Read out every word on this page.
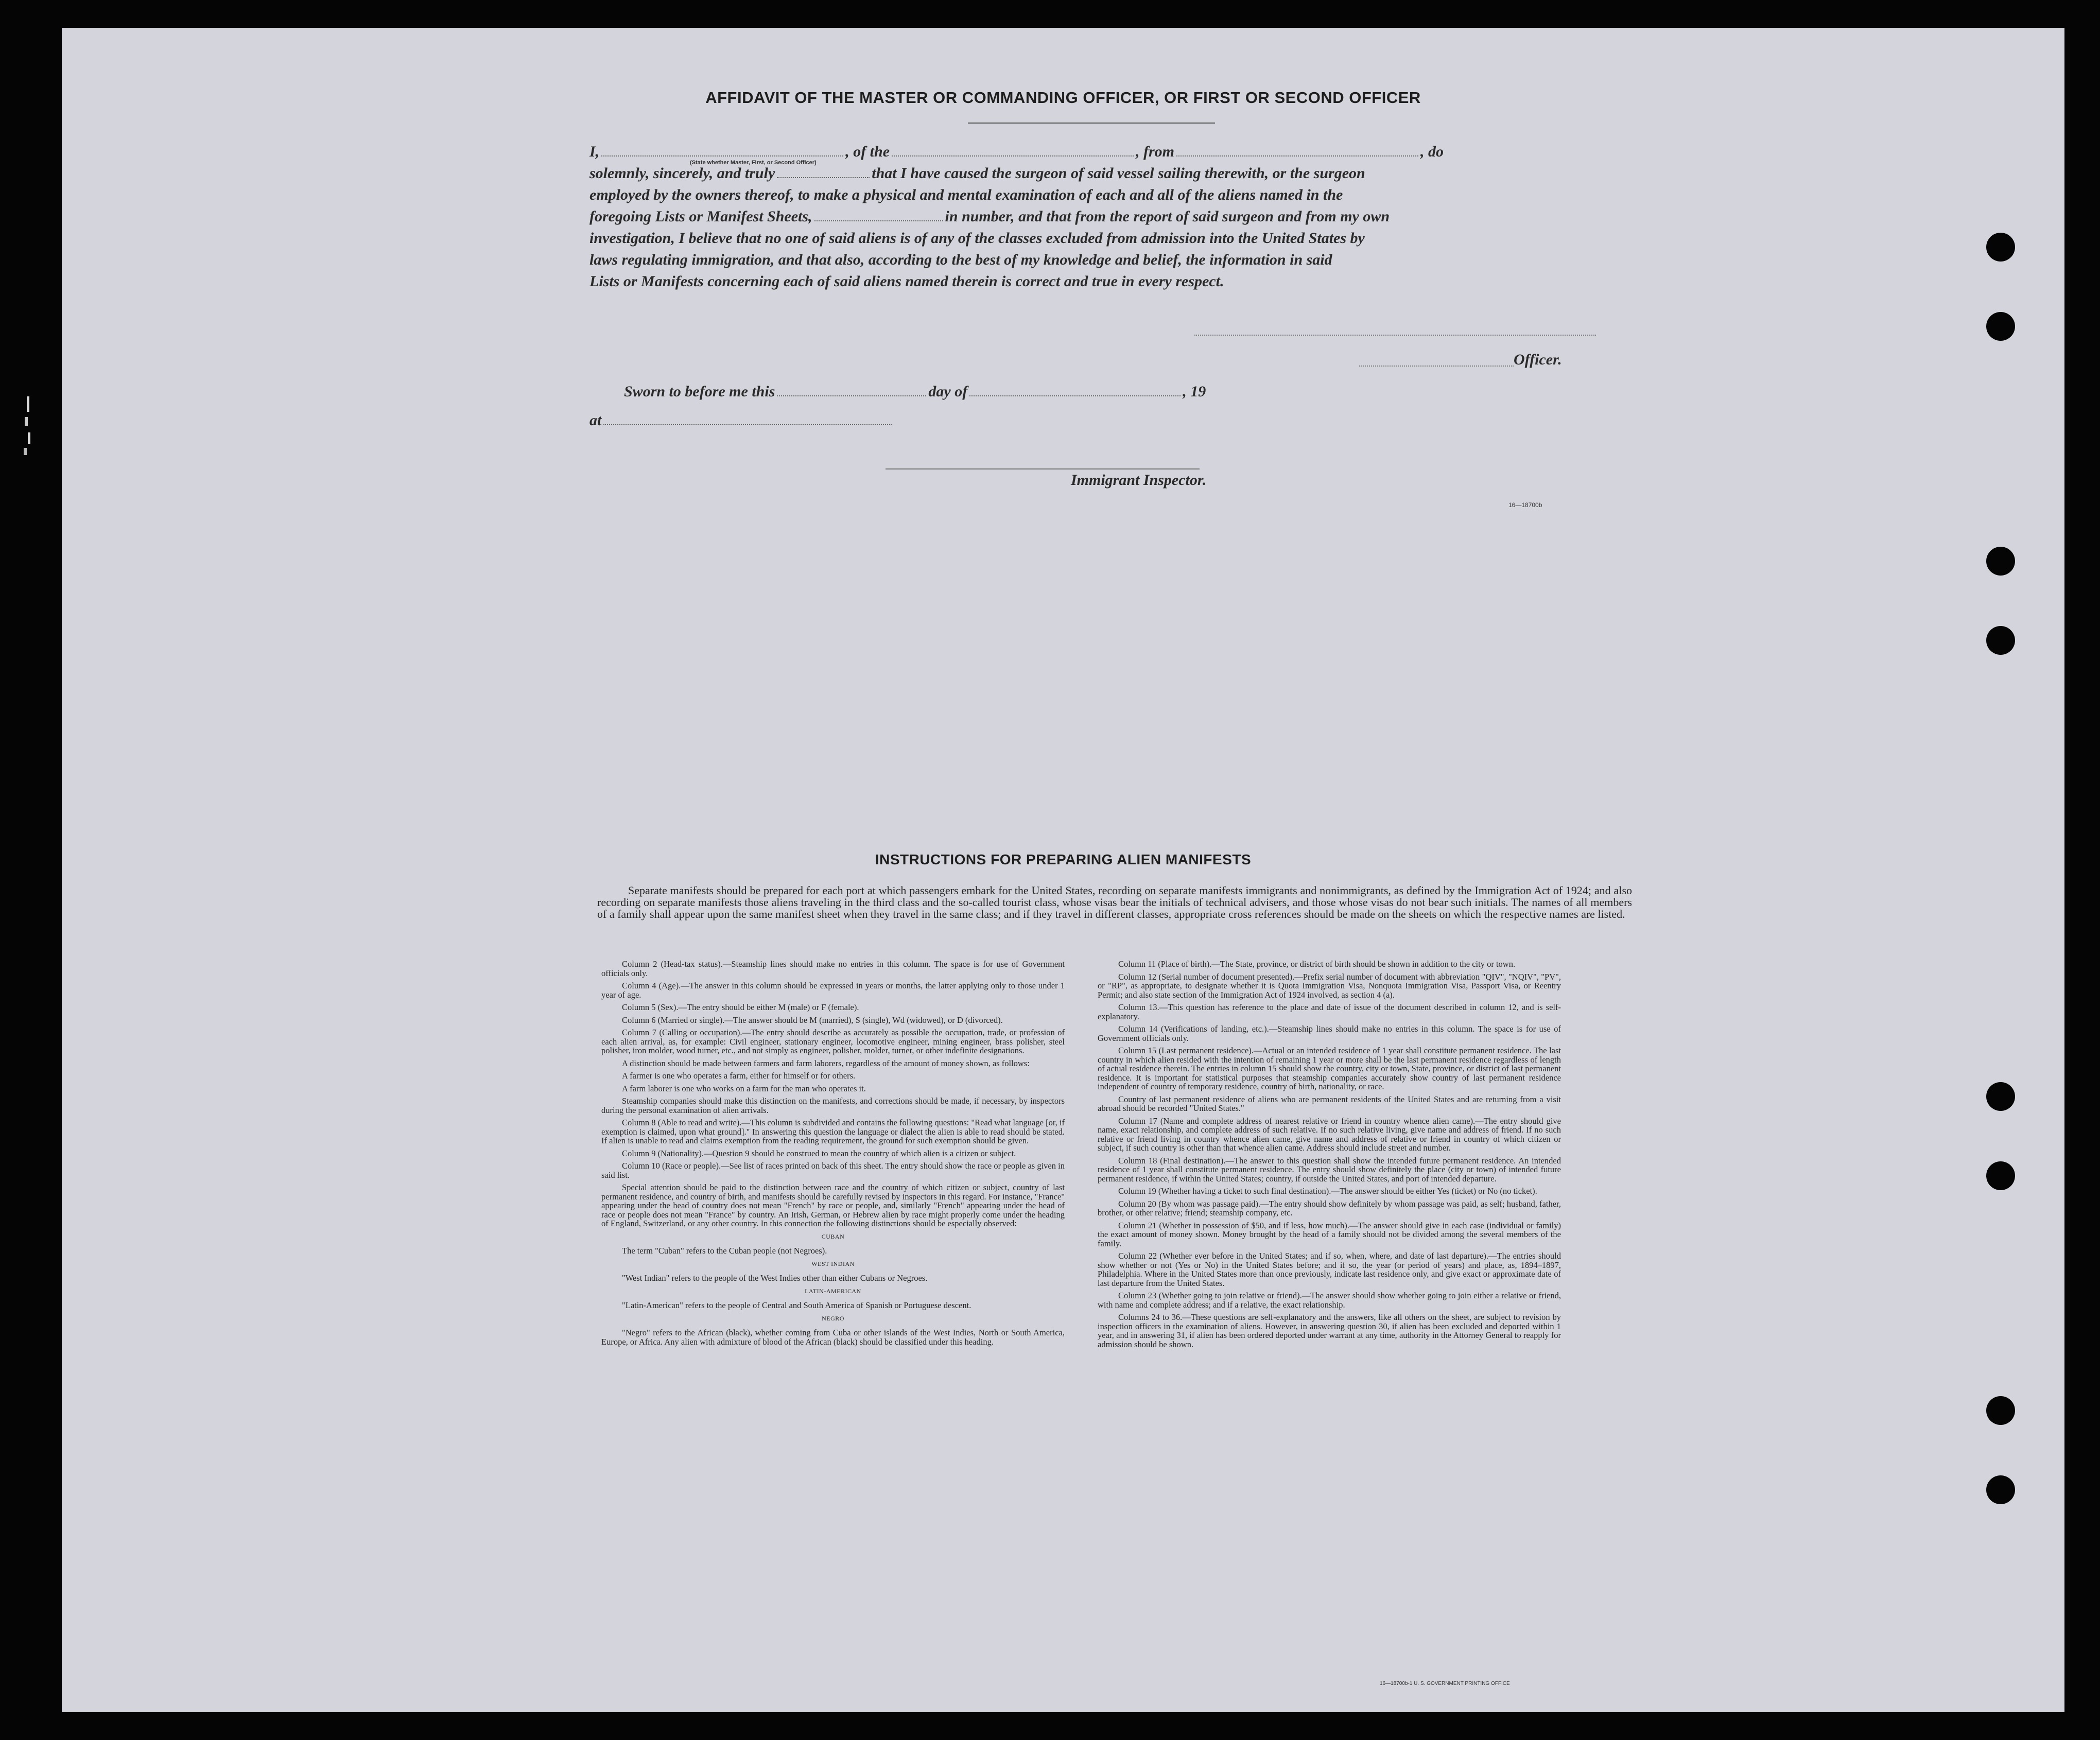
AFFIDAVIT OF THE MASTER OR COMMANDING OFFICER, OR FIRST OR SECOND OFFICER
I,	, of the	, from	, do
solemnly, sincerely, and truly	that I have caused the surgeon of said vessel sailing therewith, or the surgeon
employed by the owners thereof, to make a physical and mental examination of each and all of the aliens named in the
foregoing Lists or Manifest Sheets,	in number, and that from the report of said surgeon and from my own
investigation, I believe that no one of said aliens is of any of the classes excluded from admission into the United States by
laws regulating immigration, and that also, according to the best of my knowledge and belief, the information in said
Lists or Manifests concerning each of said aliens named therein is correct and true in every respect.
(State whether Master, First, or Second Officer)
Officer.
Sworn to before me this	day of	, 19
at
Immigrant Inspector.
16—18700b
INSTRUCTIONS FOR PREPARING ALIEN MANIFESTS
Separate manifests should be prepared for each port at which passengers embark for the United States, recording on separate manifests immigrants and nonimmigrants, as defined by the Immigration Act of 1924; and also recording on separate manifests those aliens traveling in the third class and the so-called tourist class, whose visas bear the initials of technical advisers, and those whose visas do not bear such initials. The names of all members of a family shall appear upon the same manifest sheet when they travel in the same class; and if they travel in different classes, appropriate cross references should be made on the sheets on which the respective names are listed.

Column 2 (Head-tax status).—Steamship lines should make no entries in this column. The space is for use of Government officials only.

Column 4 (Age).—The answer in this column should be expressed in years or months, the latter applying only to those under 1 year of age.

Column 5 (Sex).—The entry should be either M (male) or F (female).

Column 6 (Married or single).—The answer should be M (married), S (single), Wd (widowed), or D (divorced).

Column 7 (Calling or occupation).—The entry should describe as accurately as possible the occupation, trade, or profession of each alien arrival, as, for example: Civil engineer, stationary engineer, locomotive engineer, mining engineer, brass polisher, steel polisher, iron molder, wood turner, etc., and not simply as engineer, polisher, molder, turner, or other indefinite designations.

A distinction should be made between farmers and farm laborers, regardless of the amount of money shown, as follows:

A farmer is one who operates a farm, either for himself or for others.

A farm laborer is one who works on a farm for the man who operates it.

Steamship companies should make this distinction on the manifests, and corrections should be made, if necessary, by inspectors during the personal examination of alien arrivals.

Column 8 (Able to read and write).—This column is subdivided and contains the following questions: "Read what language [or, if exemption is claimed, upon what ground]." In answering this question the language or dialect the alien is able to read should be stated. If alien is unable to read and claims exemption from the reading requirement, the ground for such exemption should be given.

Column 9 (Nationality).—Question 9 should be construed to mean the country of which alien is a citizen or subject.

Column 10 (Race or people).—See list of races printed on back of this sheet. The entry should show the race or people as given in said list.

Special attention should be paid to the distinction between race and the country of which citizen or subject, country of last permanent residence, and country of birth, and manifests should be carefully revised by inspectors in this regard. For instance, "France" appearing under the head of country does not mean "French" by race or people, and, similarly "French" appearing under the head of race or people does not mean "France" by country. An Irish, German, or Hebrew alien by race might properly come under the heading of England, Switzerland, or any other country. In this connection the following distinctions should be especially observed:

CUBAN

The term "Cuban" refers to the Cuban people (not Negroes).

WEST INDIAN

"West Indian" refers to the people of the West Indies other than either Cubans or Negroes.

LATIN-AMERICAN

"Latin-American" refers to the people of Central and South America of Spanish or Portuguese descent.

NEGRO

"Negro" refers to the African (black), whether coming from Cuba or other islands of the West Indies, North or South America, Europe, or Africa. Any alien with admixture of blood of the African (black) should be classified under this heading.

Column 11 (Place of birth).—The State, province, or district of birth should be shown in addition to the city or town.

Column 12 (Serial number of document presented).—Prefix serial number of document with abbreviation "QIV", "NQIV", "PV", or "RP", as appropriate, to designate whether it is Quota Immigration Visa, Nonquota Immigration Visa, Passport Visa, or Reentry Permit; and also state section of the Immigration Act of 1924 involved, as section 4 (a).

Column 13.—This question has reference to the place and date of issue of the document described in column 12, and is self-explanatory.

Column 14 (Verifications of landing, etc.).—Steamship lines should make no entries in this column. The space is for use of Government officials only.

Column 15 (Last permanent residence).—Actual or an intended residence of 1 year shall constitute permanent residence. The last country in which alien resided with the intention of remaining 1 year or more shall be the last permanent residence regardless of length of actual residence therein. The entries in column 15 should show the country, city or town, State, province, or district of last permanent residence. It is important for statistical purposes that steamship companies accurately show country of last permanent residence independent of country of temporary residence, country of birth, nationality, or race.

Country of last permanent residence of aliens who are permanent residents of the United States and are returning from a visit abroad should be recorded "United States."

Column 17 (Name and complete address of nearest relative or friend in country whence alien came).—The entry should give name, exact relationship, and complete address of such relative. If no such relative living, give name and address of friend. If no such relative or friend living in country whence alien came, give name and address of relative or friend in country of which citizen or subject, if such country is other than that whence alien came. Address should include street and number.

Column 18 (Final destination).—The answer to this question shall show the intended future permanent residence. An intended residence of 1 year shall constitute permanent residence. The entry should show definitely the place (city or town) of intended future permanent residence, if within the United States; country, if outside the United States, and port of intended departure.

Column 19 (Whether having a ticket to such final destination).—The answer should be either Yes (ticket) or No (no ticket).

Column 20 (By whom was passage paid).—The entry should show definitely by whom passage was paid, as self; husband, father, brother, or other relative; friend; steamship company, etc.

Column 21 (Whether in possession of $50, and if less, how much).—The answer should give in each case (individual or family) the exact amount of money shown. Money brought by the head of a family should not be divided among the several members of the family.

Column 22 (Whether ever before in the United States; and if so, when, where, and date of last departure).—The entries should show whether or not (Yes or No) in the United States before; and if so, the year (or period of years) and place, as, 1894–1897, Philadelphia. Where in the United States more than once previously, indicate last residence only, and give exact or approximate date of last departure from the United States.

Column 23 (Whether going to join relative or friend).—The answer should show whether going to join either a relative or friend, with name and complete address; and if a relative, the exact relationship.

Columns 24 to 36.—These questions are self-explanatory and the answers, like all others on the sheet, are subject to revision by inspection officers in the examination of aliens. However, in answering question 30, if alien has been excluded and deported within 1 year, and in answering 31, if alien has been ordered deported under warrant at any time, authority in the Attorney General to reapply for admission should be shown.

16—18700b-1 U. S. GOVERNMENT PRINTING OFFICE
